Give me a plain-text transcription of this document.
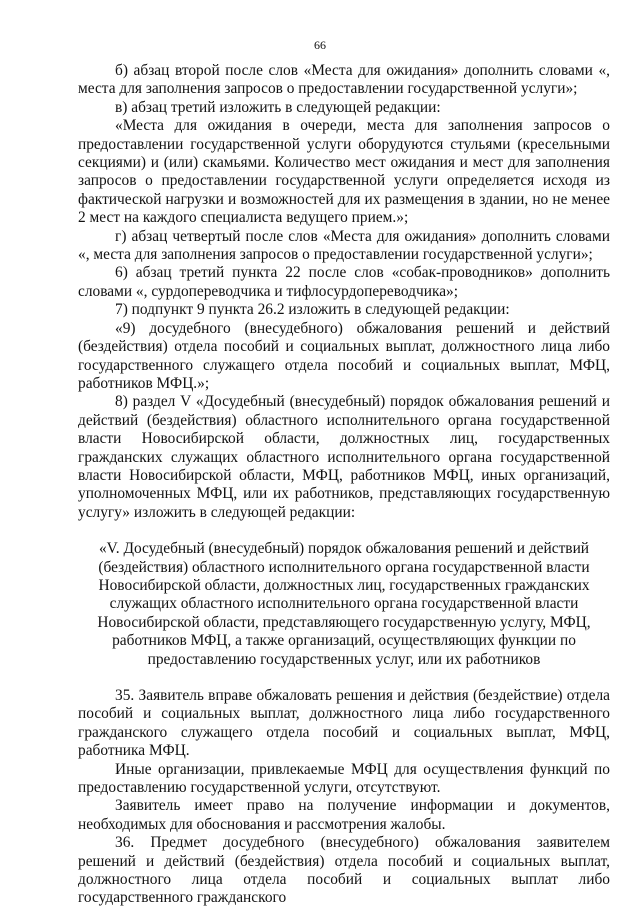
66

б) абзац второй после слов «Места для ожидания» дополнить словами «, места для заполнения запросов о предоставлении государственной услуги»;

в) абзац третий изложить в следующей редакции:

«Места для ожидания в очереди, места для заполнения запросов о предоставлении государственной услуги оборудуются стульями (кресельными секциями) и (или) скамьями. Количество мест ожидания и мест для заполнения запросов о предоставлении государственной услуги определяется исходя из фактической нагрузки и возможностей для их размещения в здании, но не менее 2 мест на каждого специалиста ведущего прием.»;

г) абзац четвертый после слов «Места для ожидания» дополнить словами «, места для заполнения запросов о предоставлении государственной услуги»;

6) абзац третий пункта 22 после слов «собак-проводников» дополнить словами «, сурдопереводчика и тифлосурдопереводчика»;

7) подпункт 9 пункта 26.2 изложить в следующей редакции:

«9) досудебного (внесудебного) обжалования решений и действий (бездействия) отдела пособий и социальных выплат, должностного лица либо государственного служащего отдела пособий и социальных выплат, МФЦ, работников МФЦ.»;

8) раздел V «Досудебный (внесудебный) порядок обжалования решений и действий (бездействия) областного исполнительного органа государственной власти Новосибирской области, должностных лиц, государственных гражданских служащих областного исполнительного органа государственной власти Новосибирской области, МФЦ, работников МФЦ, иных организаций, уполномоченных МФЦ, или их работников, представляющих государственную услугу» изложить в следующей редакции:

«V. Досудебный (внесудебный) порядок обжалования решений и действий (бездействия) областного исполнительного органа государственной власти Новосибирской области, должностных лиц, государственных гражданских служащих областного исполнительного органа государственной власти Новосибирской области, представляющего государственную услугу, МФЦ, работников МФЦ, а также организаций, осуществляющих функции по предоставлению государственных услуг, или их работников

35. Заявитель вправе обжаловать решения и действия (бездействие) отдела пособий и социальных выплат, должностного лица либо государственного гражданского служащего отдела пособий и социальных выплат, МФЦ, работника МФЦ.

Иные организации, привлекаемые МФЦ для осуществления функций по предоставлению государственной услуги, отсутствуют.

Заявитель имеет право на получение информации и документов, необходимых для обоснования и рассмотрения жалобы.

36. Предмет досудебного (внесудебного) обжалования заявителем решений и действий (бездействия) отдела пособий и социальных выплат, должностного лица отдела пособий и социальных выплат либо государственного гражданского
